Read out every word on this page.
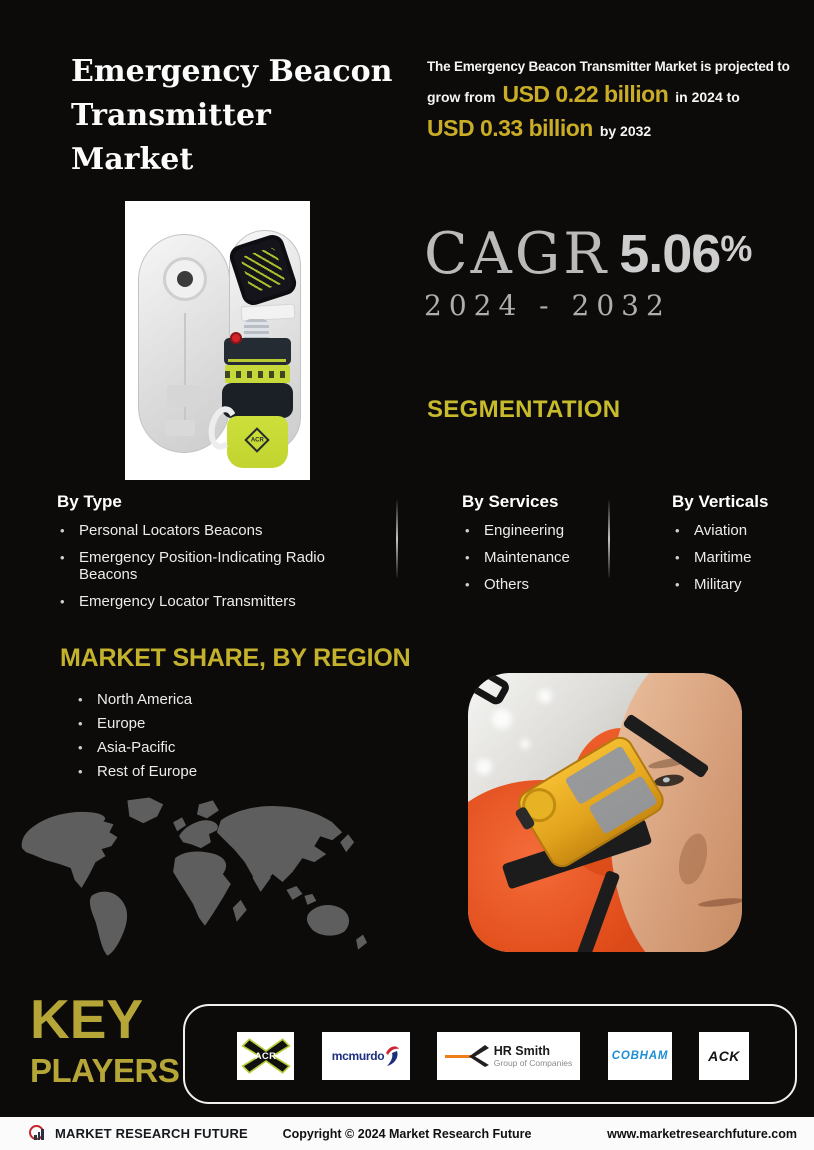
Emergency Beacon
Transmitter
Market
The Emergency Beacon Transmitter Market is projected to
grow from USD 0.22 billion in 2024 to
USD 0.33 billion by 2032
ACR
CAGR 5.06 %
2024 - 2032
SEGMENTATION
By Type
• Personal Locators Beacons
• Emergency Position-Indicating Radio Beacons
• Emergency Locator Transmitters
By Services
• Engineering
• Maintenance
• Others
By Verticals
• Aviation
• Maritime
• Military
MARKET SHARE, BY REGION
• North America
• Europe
• Asia-Pacific
• Rest of Europe
KEY
PLAYERS	ACR	mcmurdo	HR Smith
Group of Companies
COBHAM	ACK
MARKET RESEARCH FUTURE	Copyright © 2024 Market Research Future	www.marketresearchfuture.com
